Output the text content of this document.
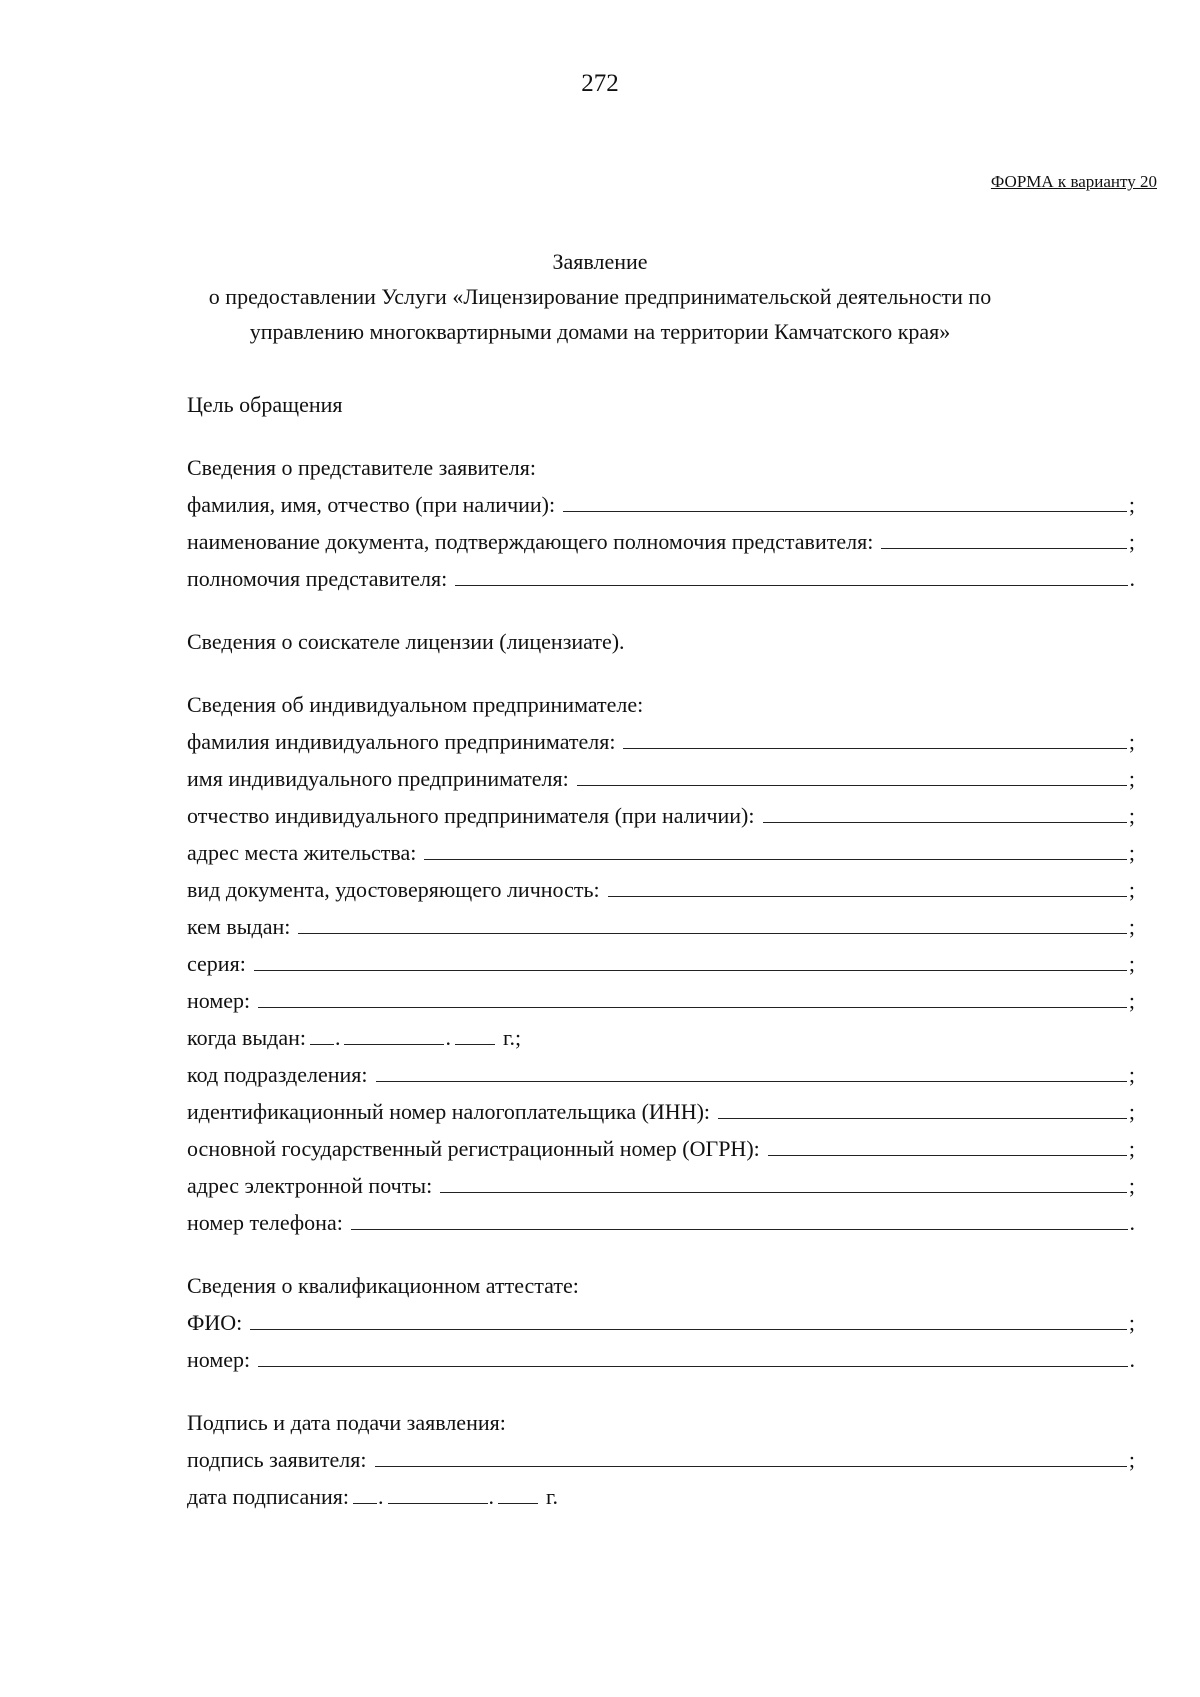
272
ФОРМА к варианту 20
Заявление
о предоставлении Услуги «Лицензирование предпринимательской деятельности по управлению многоквартирными домами на территории Камчатского края»
Цель обращения
Сведения о представителе заявителя:
фамилия, имя, отчество (при наличии):	;
наименование документа, подтверждающего полномочия представителя:	;
полномочия представителя:	.
Сведения о соискателе лицензии (лицензиате).
Сведения об индивидуальном предпринимателе:
фамилия индивидуального предпринимателя:	;
имя индивидуального предпринимателя:	;
отчество индивидуального предпринимателя (при наличии):	;
адрес места жительства:	;
вид документа, удостоверяющего личность:	;
кем выдан:	;
серия:	;
номер:	;
когда выдан: .	. г.;
код подразделения:	;
идентификационный номер налогоплательщика (ИНН):	;
основной государственный регистрационный номер (ОГРН):	;
адрес электронной почты:	;
номер телефона:	.
Сведения о квалификационном аттестате:
ФИО:	;
номер:	.
Подпись и дата подачи заявления:
подпись заявителя:	;
дата подписания: .	. г.
